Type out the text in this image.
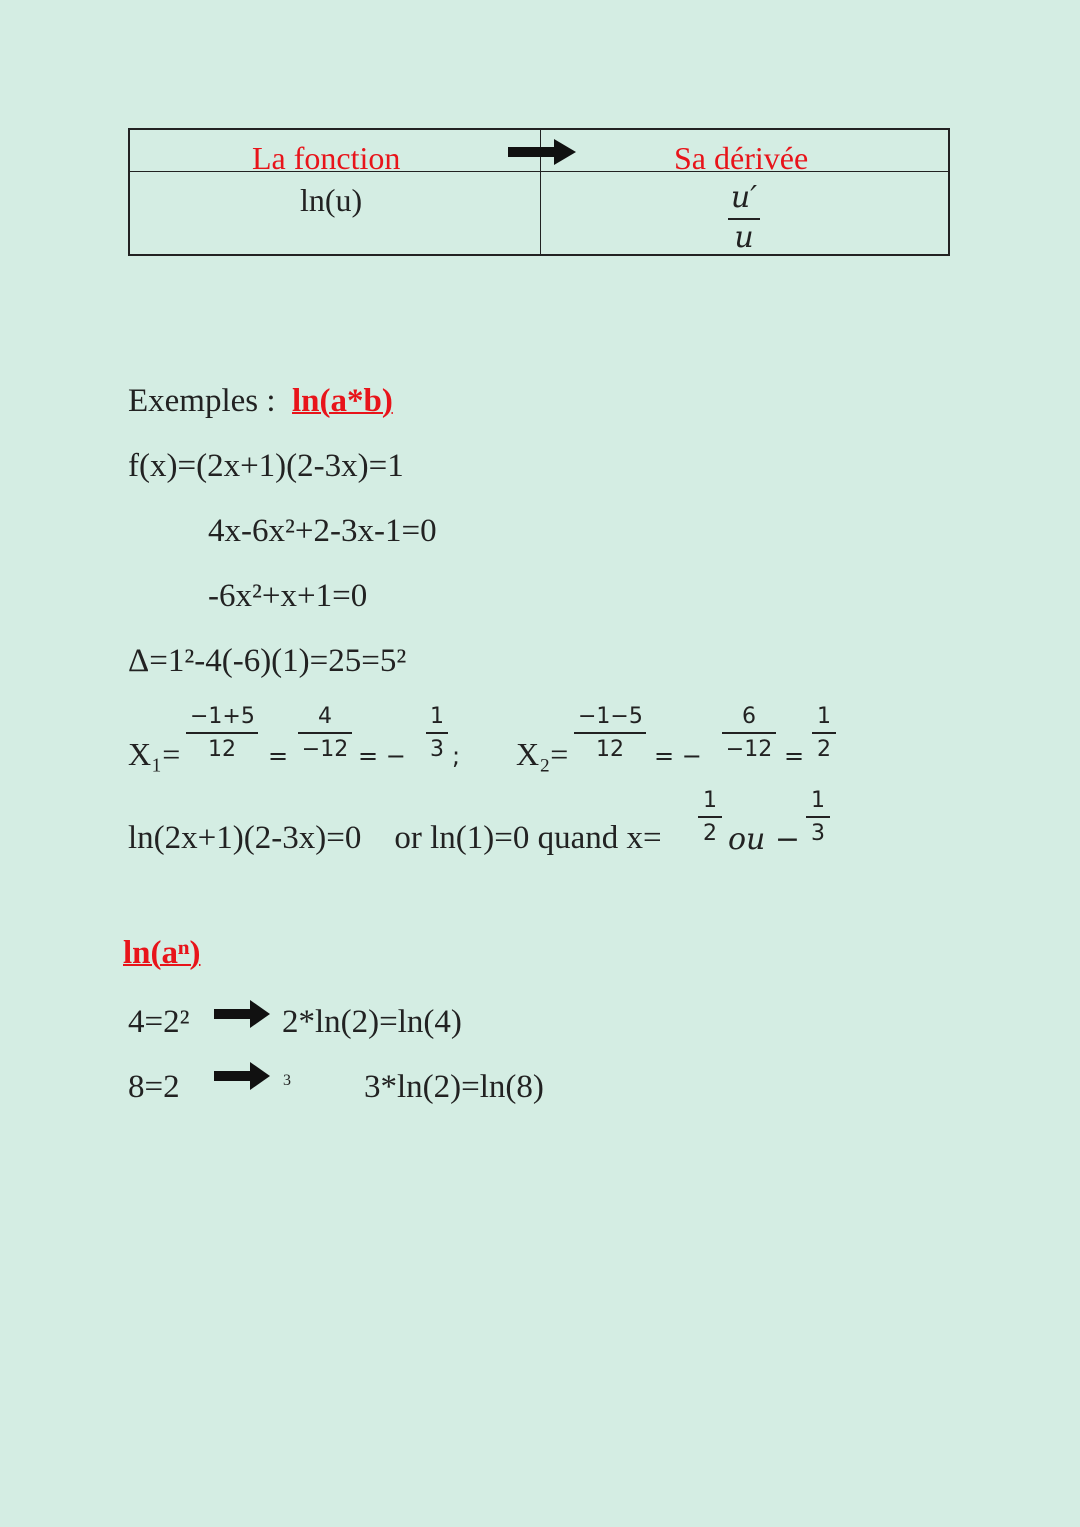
La fonction	Sa dérivée
ln(u)	u′
u
Exemples : ln(a*b)
f(x)=(2x+1)(2-3x)=1
4x-6x²+2-3x-1=0
-6x²+x+1=0
Δ=1²-4(-6)(1)=25=5²
X₁=
−1+5
12	=
4
−12 = −
1
3 ; X₂=
−1−5
12	= −
6
−12 =
1
2
ln(2x+1)(2-3x)=0    or ln(1)=0 quand x=
1
2 ou −
1
3
ln(aⁿ)
4=2²	2*ln(2)=ln(4)
8=2	3 3*ln(2)=ln(8)
